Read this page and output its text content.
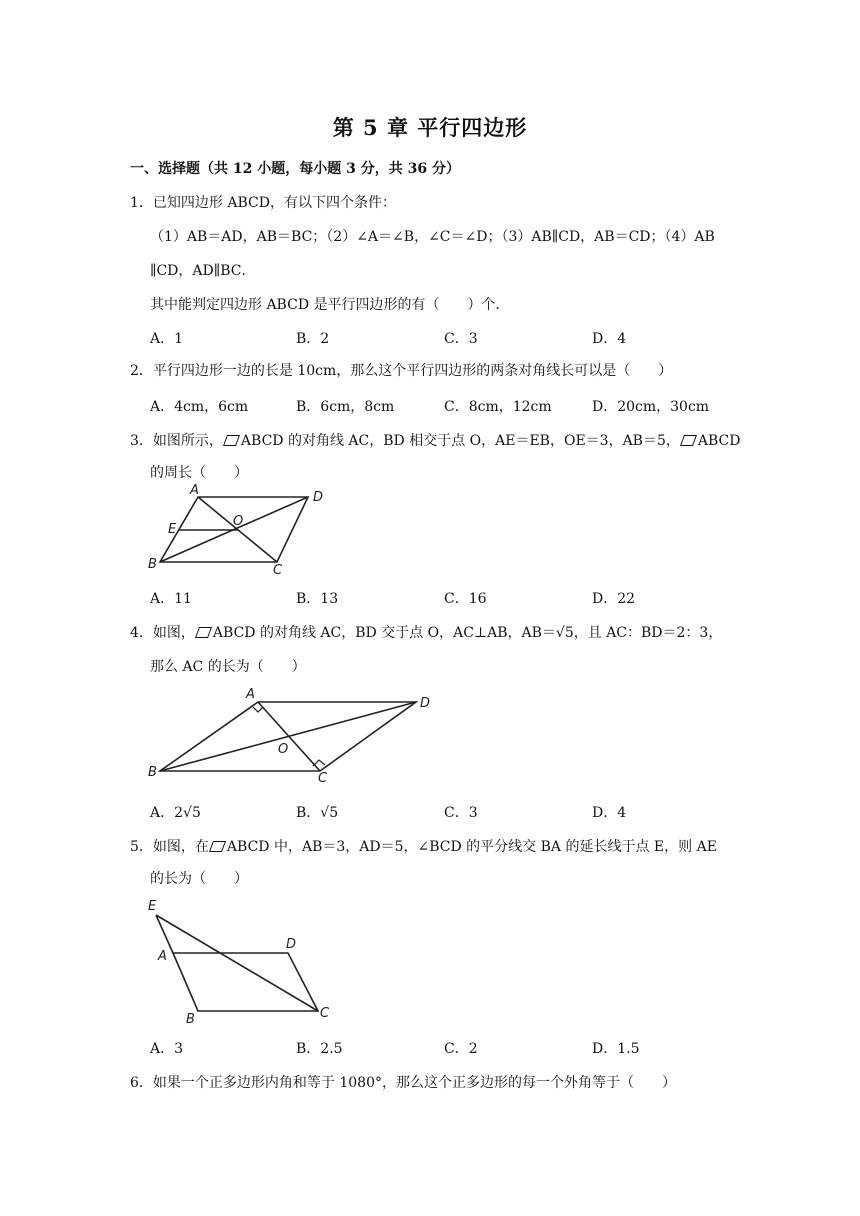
第 5 章 平行四边形
一、选择题（共 12 小题，每小题 3 分，共 36 分）
1．已知四边形 ABCD，有以下四个条件：
（1）AB＝AD，AB＝BC；（2）∠A＝∠B，∠C＝∠D；（3）AB∥CD，AB＝CD；（4）AB
∥CD，AD∥BC．
其中能判定四边形 ABCD 是平行四边形的有（　　）个．
A．1	B．2	C．3	D．4
2．平行四边形一边的长是 10cm，那么这个平行四边形的两条对角线长可以是（　　）
A．4cm，6cm	B．6cm，8cm	C．8cm，12cm	D．20cm，30cm
3．如图所示， ABCD 的对角线 AC，BD 相交于点 O，AE＝EB，OE＝3，AB＝5， ABCD
的周长（　　）
A	D
E
O
B	C
A．11	B．13	C．16	D．22
4．如图， ABCD 的对角线 AC，BD 交于点 O，AC⊥AB，AB＝√5，且 AC：BD＝2：3，
那么 AC 的长为（　　）
A
D
O
B	C
A．2√5	B．√5	C．3	D．4
5．如图，在 ABCD 中，AB＝3，AD＝5，∠BCD 的平分线交 BA 的延长线于点 E，则 AE
的长为（　　）
E
D
A
B	C
A．3	B．2.5	C．2	D．1.5
6．如果一个正多边形内角和等于 1080°，那么这个正多边形的每一个外角等于（　　）
